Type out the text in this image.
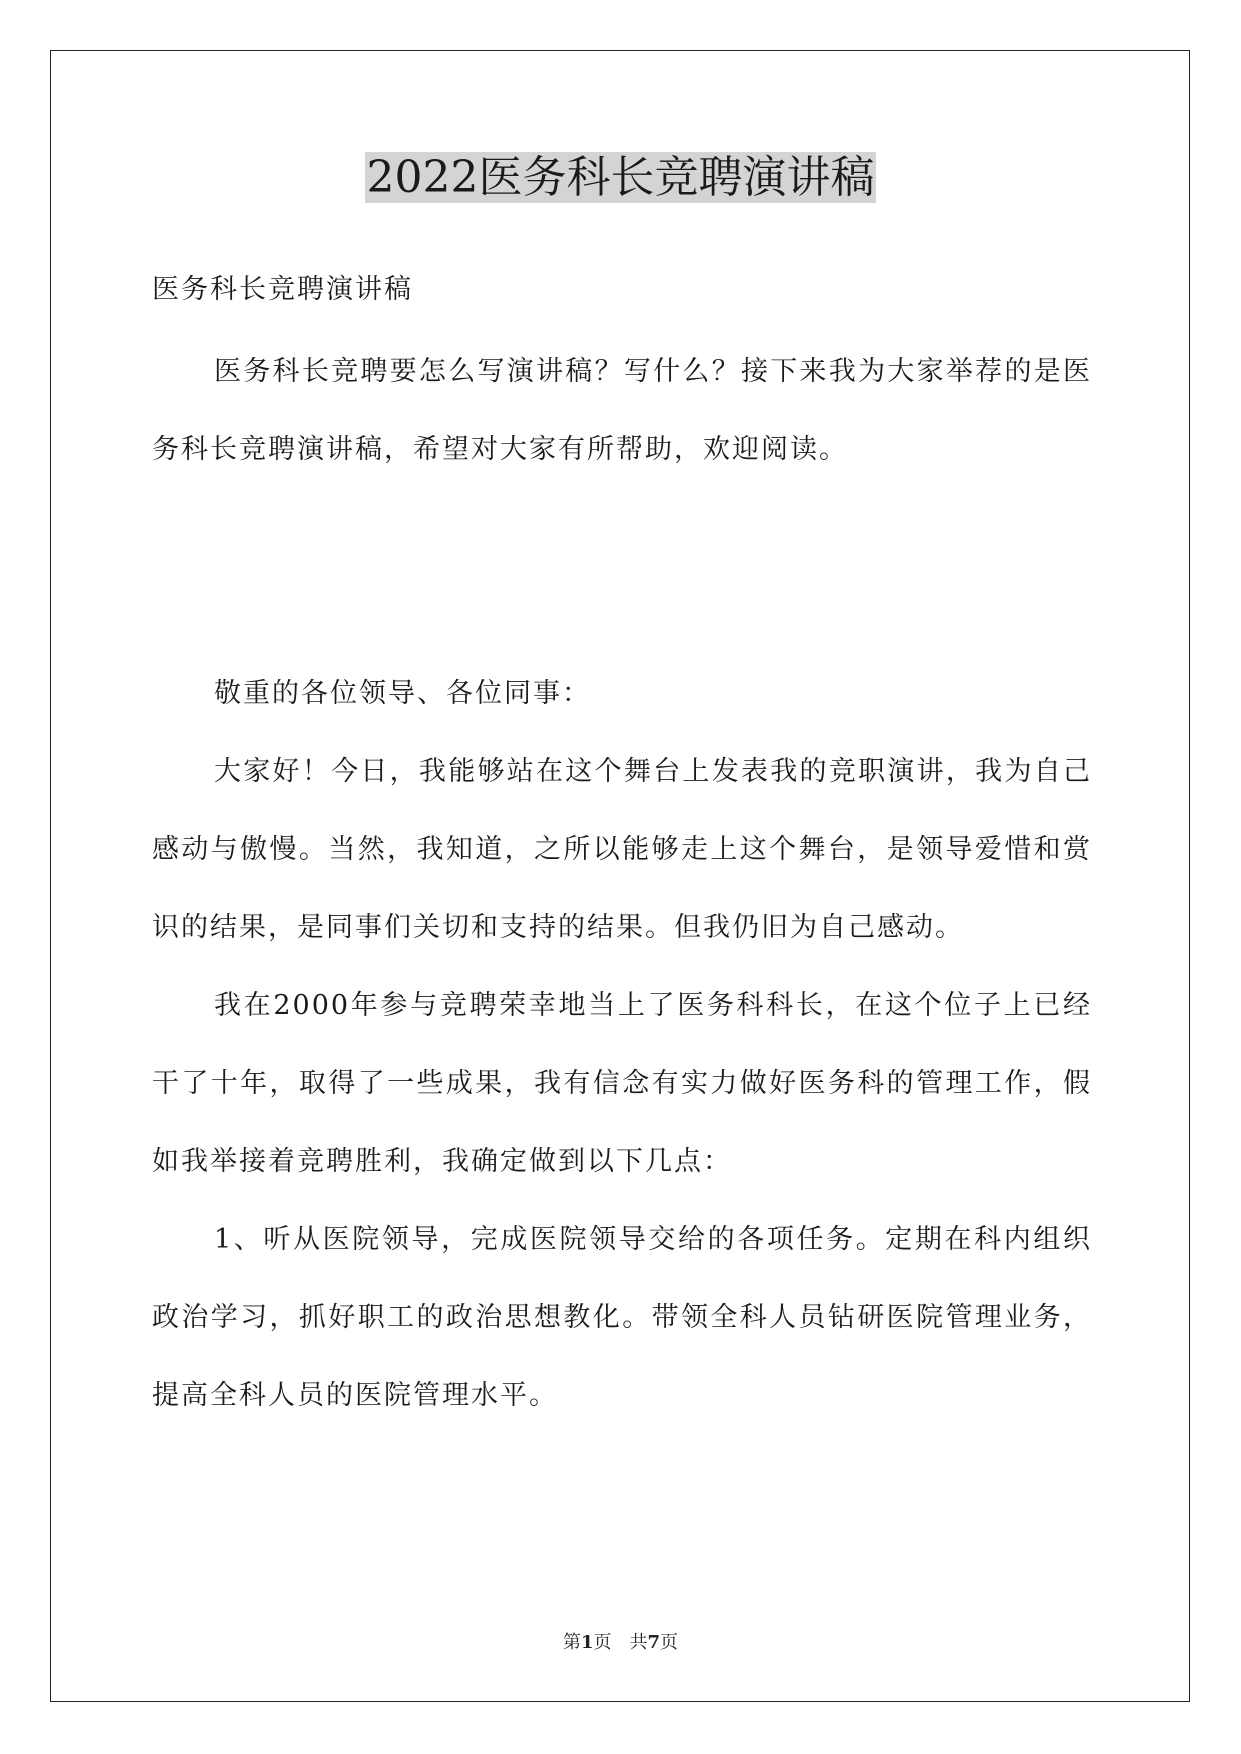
2022医务科长竞聘演讲稿

医务科长竞聘演讲稿

医务科长竞聘要怎么写演讲稿？写什么？接下来我为大家举荐的是医务科长竞聘演讲稿，希望对大家有所帮助，欢迎阅读。

敬重的各位领导、各位同事：

大家好！今日，我能够站在这个舞台上发表我的竞职演讲，我为自己感动与傲慢。当然，我知道，之所以能够走上这个舞台，是领导爱惜和赏识的结果，是同事们关切和支持的结果。但我仍旧为自己感动。

我在2000年参与竞聘荣幸地当上了医务科科长，在这个位子上已经干了十年，取得了一些成果，我有信念有实力做好医务科的管理工作，假如我举接着竞聘胜利，我确定做到以下几点：

1、听从医院领导，完成医院领导交给的各项任务。定期在科内组织政治学习，抓好职工的政治思想教化。带领全科人员钻研医院管理业务，提高全科人员的医院管理水平。

第1页　共7页
